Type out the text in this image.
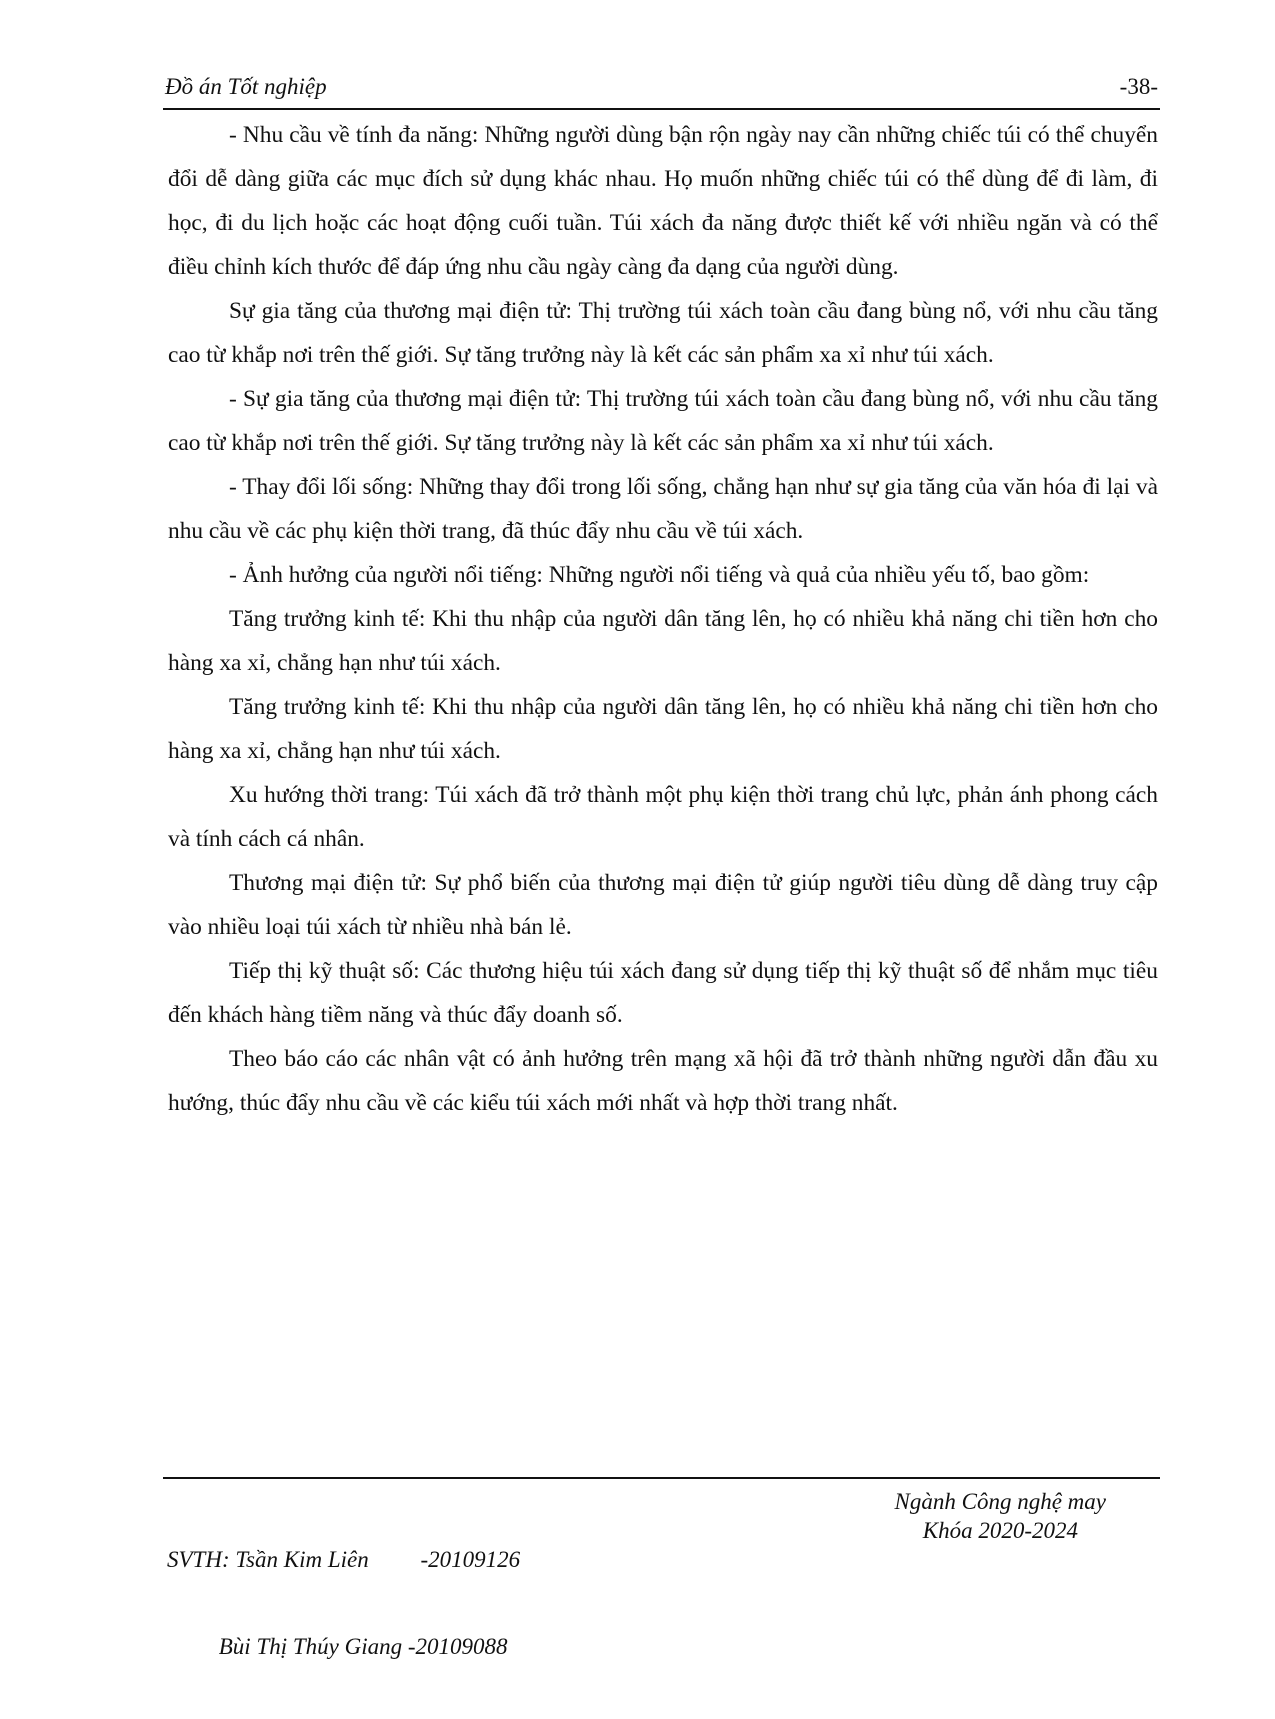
Đồ án Tốt nghiệp	-38-

- Nhu cầu về tính đa năng: Những người dùng bận rộn ngày nay cần những chiếc túi có thể chuyển đổi dễ dàng giữa các mục đích sử dụng khác nhau. Họ muốn những chiếc túi có thể dùng để đi làm, đi học, đi du lịch hoặc các hoạt động cuối tuần. Túi xách đa năng được thiết kế với nhiều ngăn và có thể điều chỉnh kích thước để đáp ứng nhu cầu ngày càng đa dạng của người dùng.

Sự gia tăng của thương mại điện tử: Thị trường túi xách toàn cầu đang bùng nổ, với nhu cầu tăng cao từ khắp nơi trên thế giới. Sự tăng trưởng này là kết các sản phẩm xa xỉ như túi xách.

- Sự gia tăng của thương mại điện tử: Thị trường túi xách toàn cầu đang bùng nổ, với nhu cầu tăng cao từ khắp nơi trên thế giới. Sự tăng trưởng này là kết các sản phẩm xa xỉ như túi xách.

- Thay đổi lối sống: Những thay đổi trong lối sống, chẳng hạn như sự gia tăng của văn hóa đi lại và nhu cầu về các phụ kiện thời trang, đã thúc đẩy nhu cầu về túi xách.

- Ảnh hưởng của người nổi tiếng: Những người nổi tiếng và quả của nhiều yếu tố, bao gồm:

Tăng trưởng kinh tế: Khi thu nhập của người dân tăng lên, họ có nhiều khả năng chi tiền hơn cho hàng xa xỉ, chẳng hạn như túi xách.

Tăng trưởng kinh tế: Khi thu nhập của người dân tăng lên, họ có nhiều khả năng chi tiền hơn cho hàng xa xỉ, chẳng hạn như túi xách.

Xu hướng thời trang: Túi xách đã trở thành một phụ kiện thời trang chủ lực, phản ánh phong cách và tính cách cá nhân.

Thương mại điện tử: Sự phổ biến của thương mại điện tử giúp người tiêu dùng dễ dàng truy cập vào nhiều loại túi xách từ nhiều nhà bán lẻ.

Tiếp thị kỹ thuật số: Các thương hiệu túi xách đang sử dụng tiếp thị kỹ thuật số để nhắm mục tiêu đến khách hàng tiềm năng và thúc đẩy doanh số.

Theo báo cáo các nhân vật có ảnh hưởng trên mạng xã hội đã trở thành những người dẫn đầu xu hướng, thúc đẩy nhu cầu về các kiểu túi xách mới nhất và hợp thời trang nhất.

SVTH: Tsần Kim Liên         -20109126

Bùi Thị Thúy Giang -20109088

Ngành Công nghệ may
Khóa 2020-2024
